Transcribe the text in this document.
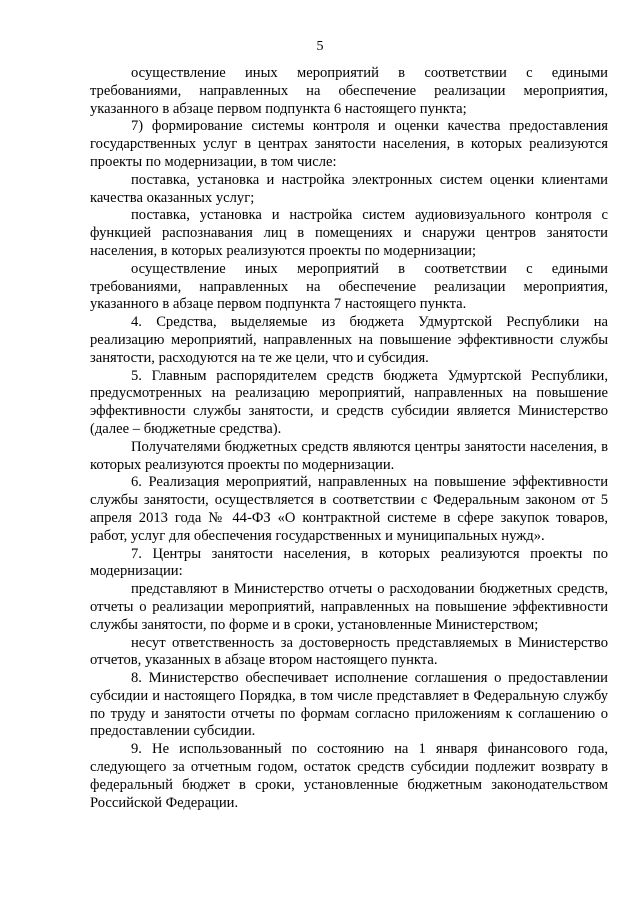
5

осуществление иных мероприятий в соответствии с едиными требованиями, направленных на обеспечение реализации мероприятия, указанного в абзаце первом подпункта 6 настоящего пункта;

7) формирование системы контроля и оценки качества предоставления государственных услуг в центрах занятости населения, в которых реализуются проекты по модернизации, в том числе:

поставка, установка и настройка электронных систем оценки клиентами качества оказанных услуг;

поставка, установка и настройка систем аудиовизуального контроля с функцией распознавания лиц в помещениях и снаружи центров занятости населения, в которых реализуются проекты по модернизации;

осуществление иных мероприятий в соответствии с едиными требованиями, направленных на обеспечение реализации мероприятия, указанного в абзаце первом подпункта 7 настоящего пункта.

4. Средства, выделяемые из бюджета Удмуртской Республики на реализацию мероприятий, направленных на повышение эффективности службы занятости, расходуются на те же цели, что и субсидия.

5. Главным распорядителем средств бюджета Удмуртской Республики, предусмотренных на реализацию мероприятий, направленных на повышение эффективности службы занятости, и средств субсидии является Министерство (далее – бюджетные средства).

Получателями бюджетных средств являются центры занятости населения, в которых реализуются проекты по модернизации.

6. Реализация мероприятий, направленных на повышение эффективности службы занятости, осуществляется в соответствии с Федеральным законом от 5 апреля 2013 года № 44-ФЗ «О контрактной системе в сфере закупок товаров, работ, услуг для обеспечения государственных и муниципальных нужд».

7. Центры занятости населения, в которых реализуются проекты по модернизации:

представляют в Министерство отчеты о расходовании бюджетных средств, отчеты о реализации мероприятий, направленных на повышение эффективности службы занятости, по форме и в сроки, установленные Министерством;

несут ответственность за достоверность представляемых в Министерство отчетов, указанных в абзаце втором настоящего пункта.

8. Министерство обеспечивает исполнение соглашения о предоставлении субсидии и настоящего Порядка, в том числе представляет в Федеральную службу по труду и занятости отчеты по формам согласно приложениям к соглашению о предоставлении субсидии.

9. Не использованный по состоянию на 1 января финансового года, следующего за отчетным годом, остаток средств субсидии подлежит возврату в федеральный бюджет в сроки, установленные бюджетным законодательством Российской Федерации.
